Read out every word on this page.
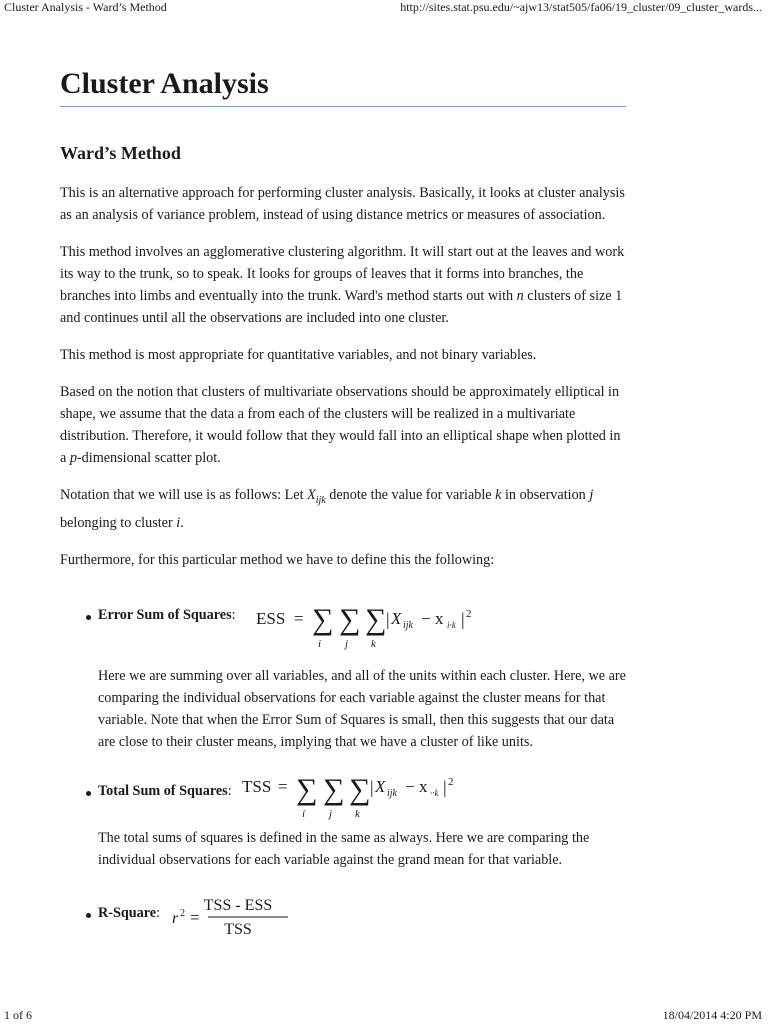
Cluster Analysis - Ward’s Method	http://sites.stat.psu.edu/~ajw13/stat505/fa06/19_cluster/09_cluster_wards...
Cluster Analysis
Ward’s Method

This is an alternative approach for performing cluster analysis. Basically, it looks at cluster analysis as an analysis of variance problem, instead of using distance metrics or measures of association.

This method involves an agglomerative clustering algorithm. It will start out at the leaves and work its way to the trunk, so to speak. It looks for groups of leaves that it forms into branches, the branches into limbs and eventually into the trunk. Ward's method starts out with n clusters of size 1 and continues until all the observations are included into one cluster.

This method is most appropriate for quantitative variables, and not binary variables.

Based on the notion that clusters of multivariate observations should be approximately elliptical in shape, we assume that the data a from each of the clusters will be realized in a multivariate distribution. Therefore, it would follow that they would fall into an elliptical shape when plotted in a p-dimensional scatter plot.

Notation that we will use is as follows: Let $X_{ijk}$ denote the value for variable k in observation j belonging to cluster i.

Furthermore, for this particular method we have to define this the following:

Error Sum of Squares: ESS = ∑
i
∑
j
∑
k
| X ijk − x i·k | 2

Here we are summing over all variables, and all of the units within each cluster. Here, we are comparing the individual observations for each variable against the cluster means for that variable. Note that when the Error Sum of Squares is small, then this suggests that our data are close to their cluster means, implying that we have a cluster of like units.

Total Sum of Squares: TSS = ∑
i
∑
j
∑
k
| X ijk − x ··k | 2

The total sums of squares is defined in the same as always. Here we are comparing the individual observations for each variable against the grand mean for that variable.

R-Square: r 2 =
TSS - ESS
TSS
1 of 6	18/04/2014 4:20 PM
